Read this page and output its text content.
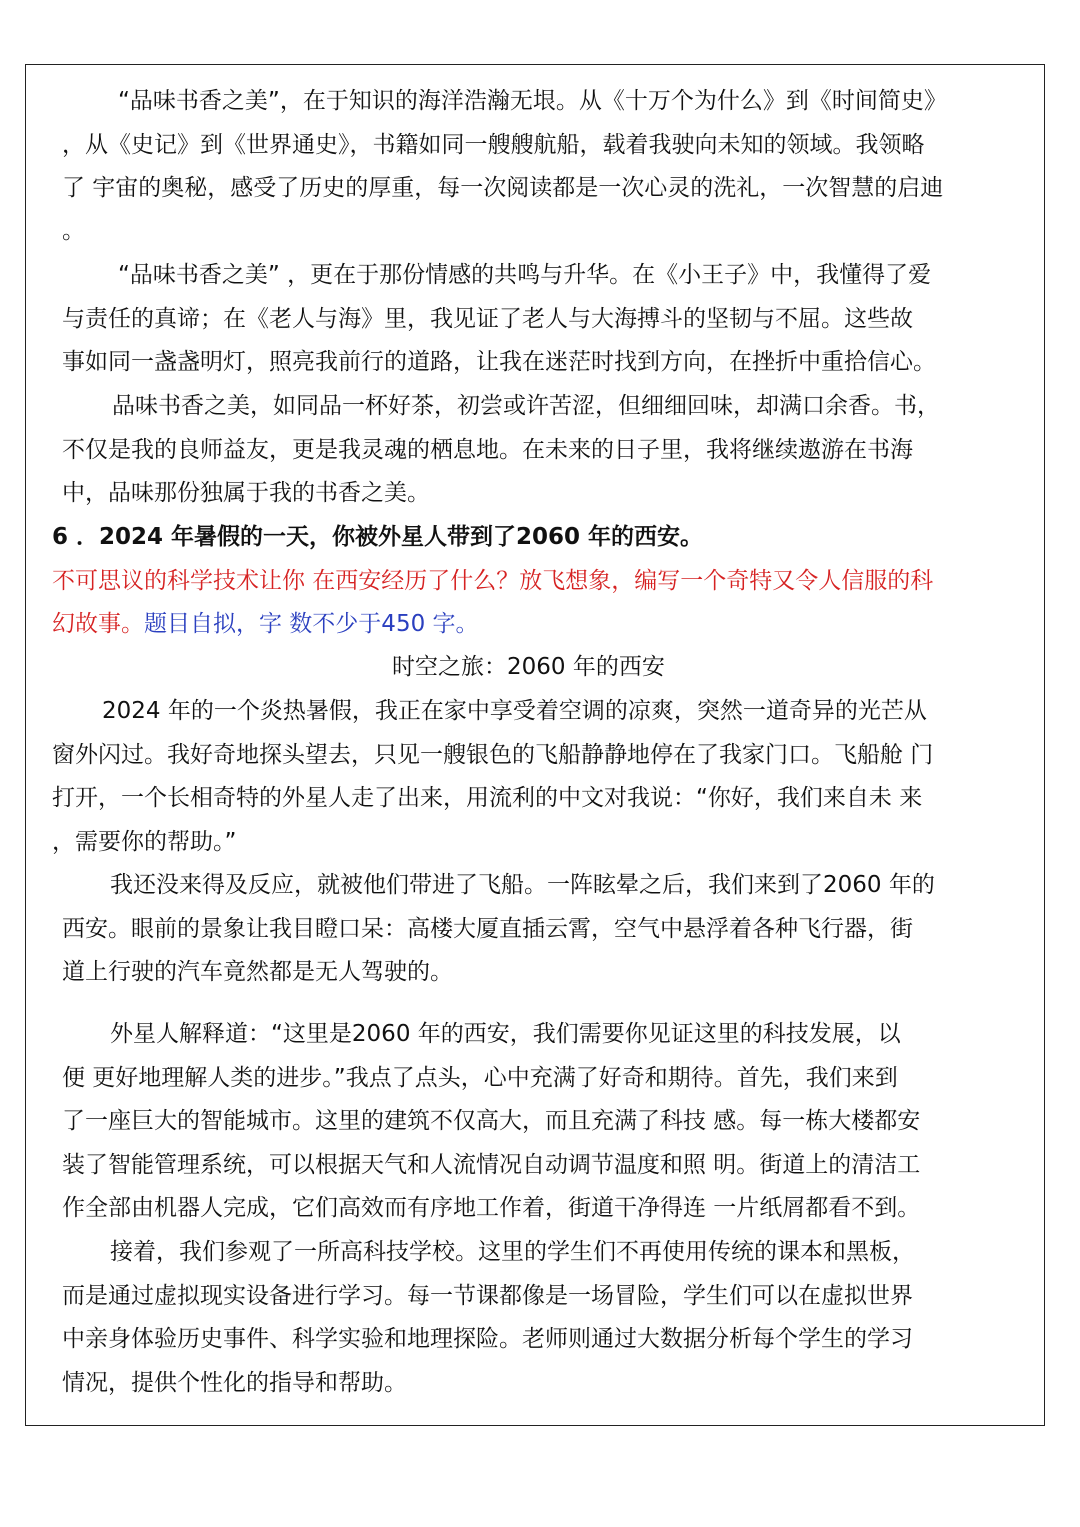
“品味书香之美”，在于知识的海洋浩瀚无垠。从《十万个为什么》到《时间简史》
，从《史记》到《世界通史》，书籍如同一艘艘航船，载着我驶向未知的领域。我领略
了 宇宙的奥秘，感受了历史的厚重，每一次阅读都是一次心灵的洗礼，一次智慧的启迪
。
“品味书香之美” ，更在于那份情感的共鸣与升华。在《小王子》中，我懂得了爱
与责任的真谛；在《老人与海》里，我见证了老人与大海搏斗的坚韧与不屈。这些故
事如同一盏盏明灯，照亮我前行的道路，让我在迷茫时找到方向，在挫折中重拾信心。
品味书香之美，如同品一杯好茶，初尝或许苦涩，但细细回味，却满口余香。书，
不仅是我的良师益友，更是我灵魂的栖息地。在未来的日子里，我将继续遨游在书海
中，品味那份独属于我的书香之美。
6 ．2024 年暑假的一天，你被外星人带到了2060 年的西安。
不可思议的科学技术让你 在西安经历了什么？放飞想象，编写一个奇特又令人信服的科
幻故事。题目自拟，字 数不少于450 字。
时空之旅：2060 年的西安
2024 年的一个炎热暑假，我正在家中享受着空调的凉爽，突然一道奇异的光芒从
窗外闪过。我好奇地探头望去，只见一艘银色的飞船静静地停在了我家门口。飞船舱 门
打开，一个长相奇特的外星人走了出来，用流利的中文对我说：“你好，我们来自未 来
，需要你的帮助。”
我还没来得及反应，就被他们带进了飞船。一阵眩晕之后，我们来到了2060 年的
西安。眼前的景象让我目瞪口呆：高楼大厦直插云霄，空气中悬浮着各种飞行器，街
道上行驶的汽车竟然都是无人驾驶的。
外星人解释道：“这里是2060 年的西安，我们需要你见证这里的科技发展，以
便 更好地理解人类的进步。”我点了点头，心中充满了好奇和期待。首先，我们来到
了一座巨大的智能城市。这里的建筑不仅高大，而且充满了科技 感。每一栋大楼都安
装了智能管理系统，可以根据天气和人流情况自动调节温度和照 明。街道上的清洁工
作全部由机器人完成，它们高效而有序地工作着，街道干净得连 一片纸屑都看不到。
接着，我们参观了一所高科技学校。这里的学生们不再使用传统的课本和黑板，
而是通过虚拟现实设备进行学习。每一节课都像是一场冒险，学生们可以在虚拟世界
中亲身体验历史事件、科学实验和地理探险。老师则通过大数据分析每个学生的学习
情况，提供个性化的指导和帮助。
